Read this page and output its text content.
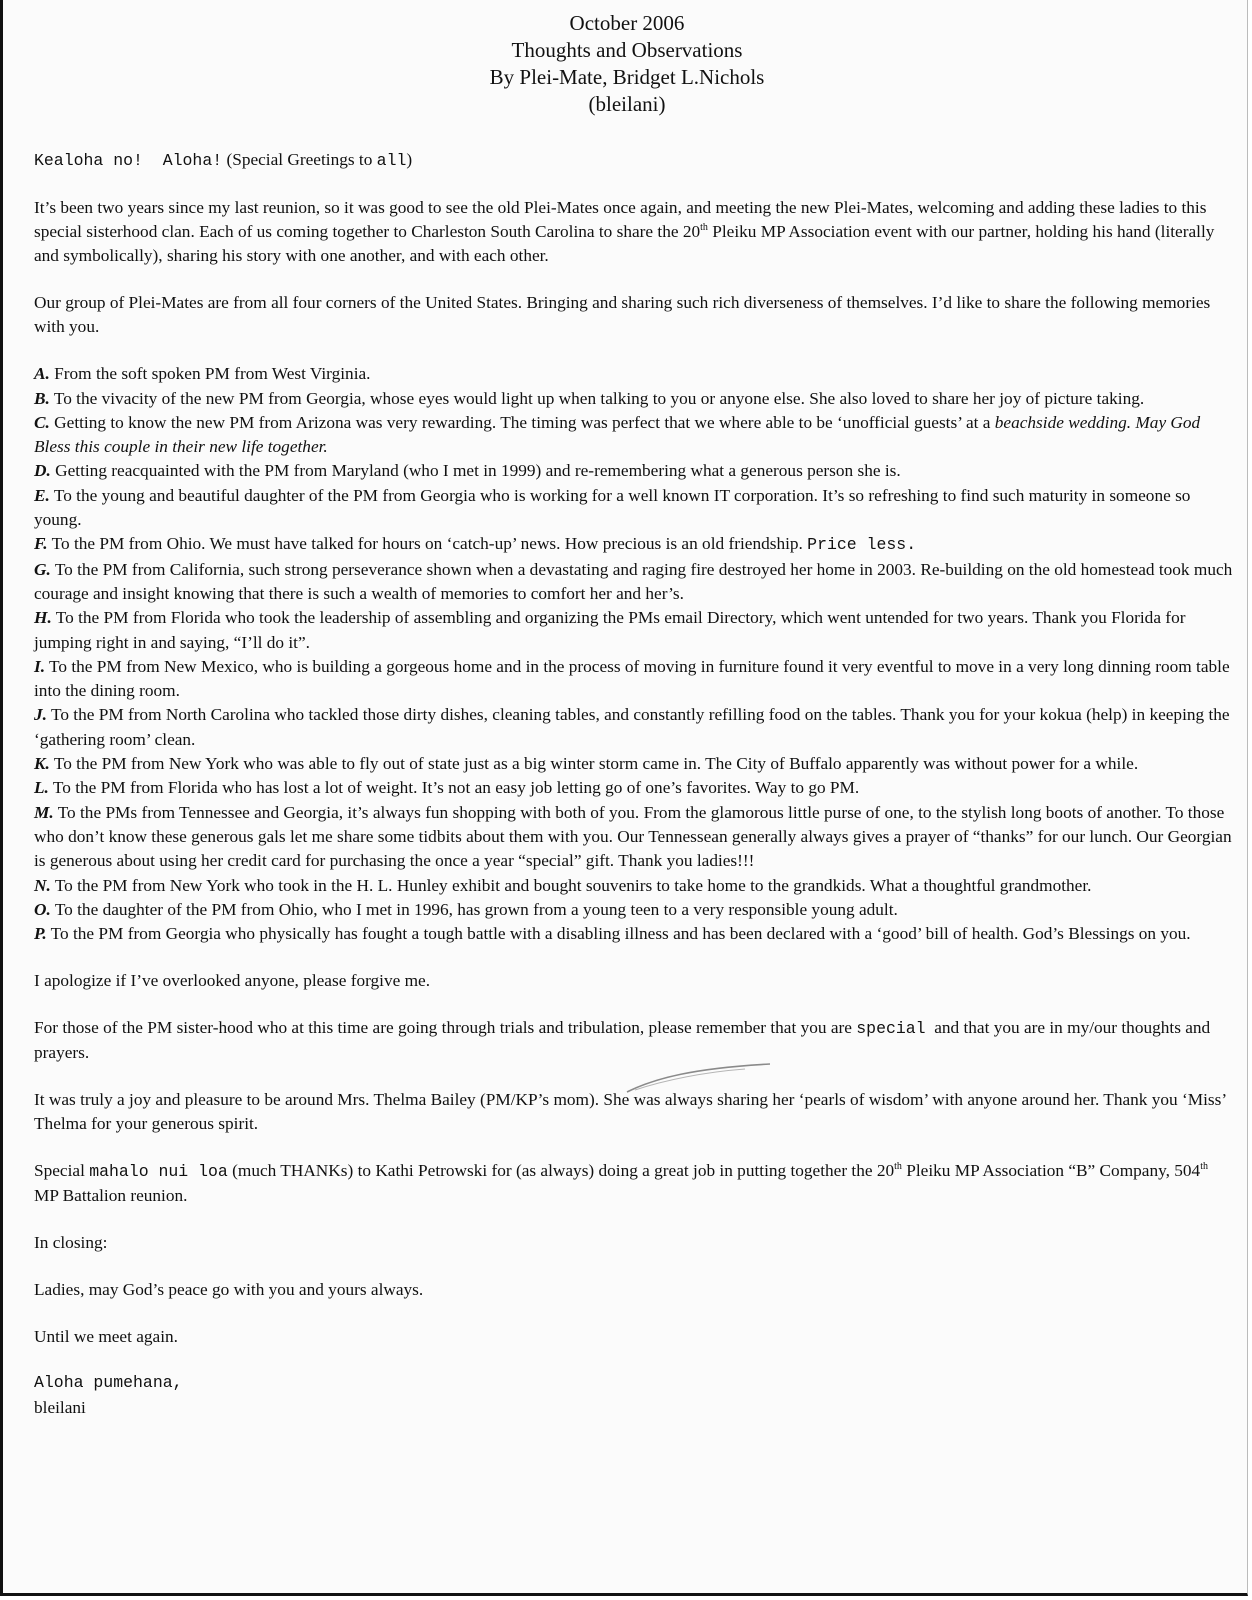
October 2006
Thoughts and Observations
By Plei-Mate, Bridget L.Nichols
(bleilani)

Kealoha no!  Aloha! (Special Greetings to all)

It’s been two years since my last reunion, so it was good to see the old Plei-Mates once again, and meeting the new Plei-Mates, welcoming and adding these ladies to this special sisterhood clan. Each of us coming together to Charleston South Carolina to share the 20th Pleiku MP Association event with our partner, holding his hand (literally and symbolically), sharing his story with one another, and with each other.

Our group of Plei-Mates are from all four corners of the United States. Bringing and sharing such rich diverseness of themselves. I’d like to share the following memories with you.

A. From the soft spoken PM from West Virginia.
B. To the vivacity of the new PM from Georgia, whose eyes would light up when talking to you or anyone else. She also loved to share her joy of picture taking.
C. Getting to know the new PM from Arizona was very rewarding. The timing was perfect that we where able to be ‘unofficial guests’ at a beachside wedding. May God Bless this couple in their new life together.
D. Getting reacquainted with the PM from Maryland (who I met in 1999) and re-remembering what a generous person she is.
E. To the young and beautiful daughter of the PM from Georgia who is working for a well known IT corporation. It’s so refreshing to find such maturity in someone so young.
F. To the PM from Ohio. We must have talked for hours on ‘catch-up’ news. How precious is an old friendship. Price less.
G. To the PM from California, such strong perseverance shown when a devastating and raging fire destroyed her home in 2003. Re-building on the old homestead took much courage and insight knowing that there is such a wealth of memories to comfort her and her’s.
H. To the PM from Florida who took the leadership of assembling and organizing the PMs email Directory, which went untended for two years. Thank you Florida for jumping right in and saying, “I’ll do it”.
I. To the PM from New Mexico, who is building a gorgeous home and in the process of moving in furniture found it very eventful to move in a very long dinning room table into the dining room.
J. To the PM from North Carolina who tackled those dirty dishes, cleaning tables, and constantly refilling food on the tables. Thank you for your kokua (help) in keeping the ‘gathering room’ clean.
K. To the PM from New York who was able to fly out of state just as a big winter storm came in. The City of Buffalo apparently was without power for a while.
L. To the PM from Florida who has lost a lot of weight. It’s not an easy job letting go of one’s favorites. Way to go PM.
M. To the PMs from Tennessee and Georgia, it’s always fun shopping with both of you. From the glamorous little purse of one, to the stylish long boots of another. To those who don’t know these generous gals let me share some tidbits about them with you. Our Tennessean generally always gives a prayer of “thanks” for our lunch. Our Georgian is generous about using her credit card for purchasing the once a year “special” gift. Thank you ladies!!!
N. To the PM from New York who took in the H. L. Hunley exhibit and bought souvenirs to take home to the grandkids. What a thoughtful grandmother.
O. To the daughter of the PM from Ohio, who I met in 1996, has grown from a young teen to a very responsible young adult.
P. To the PM from Georgia who physically has fought a tough battle with a disabling illness and has been declared with a ‘good’ bill of health. God’s Blessings on you.

I apologize if I’ve overlooked anyone, please forgive me.

For those of the PM sister-hood who at this time are going through trials and tribulation, please remember that you are special  and that you are in my/our thoughts and prayers.

It was truly a joy and pleasure to be around Mrs. Thelma Bailey (PM/KP’s mom). She was always sharing her ‘pearls of wisdom’ with anyone around her. Thank you ‘Miss’ Thelma for your generous spirit.

Special mahalo nui loa (much THANKs) to Kathi Petrowski for (as always) doing a great job in putting together the 20th Pleiku MP Association “B” Company, 504th MP Battalion reunion.

In closing:

Ladies, may God’s peace go with you and yours always.

Until we meet again.

Aloha pumehana,
bleilani
